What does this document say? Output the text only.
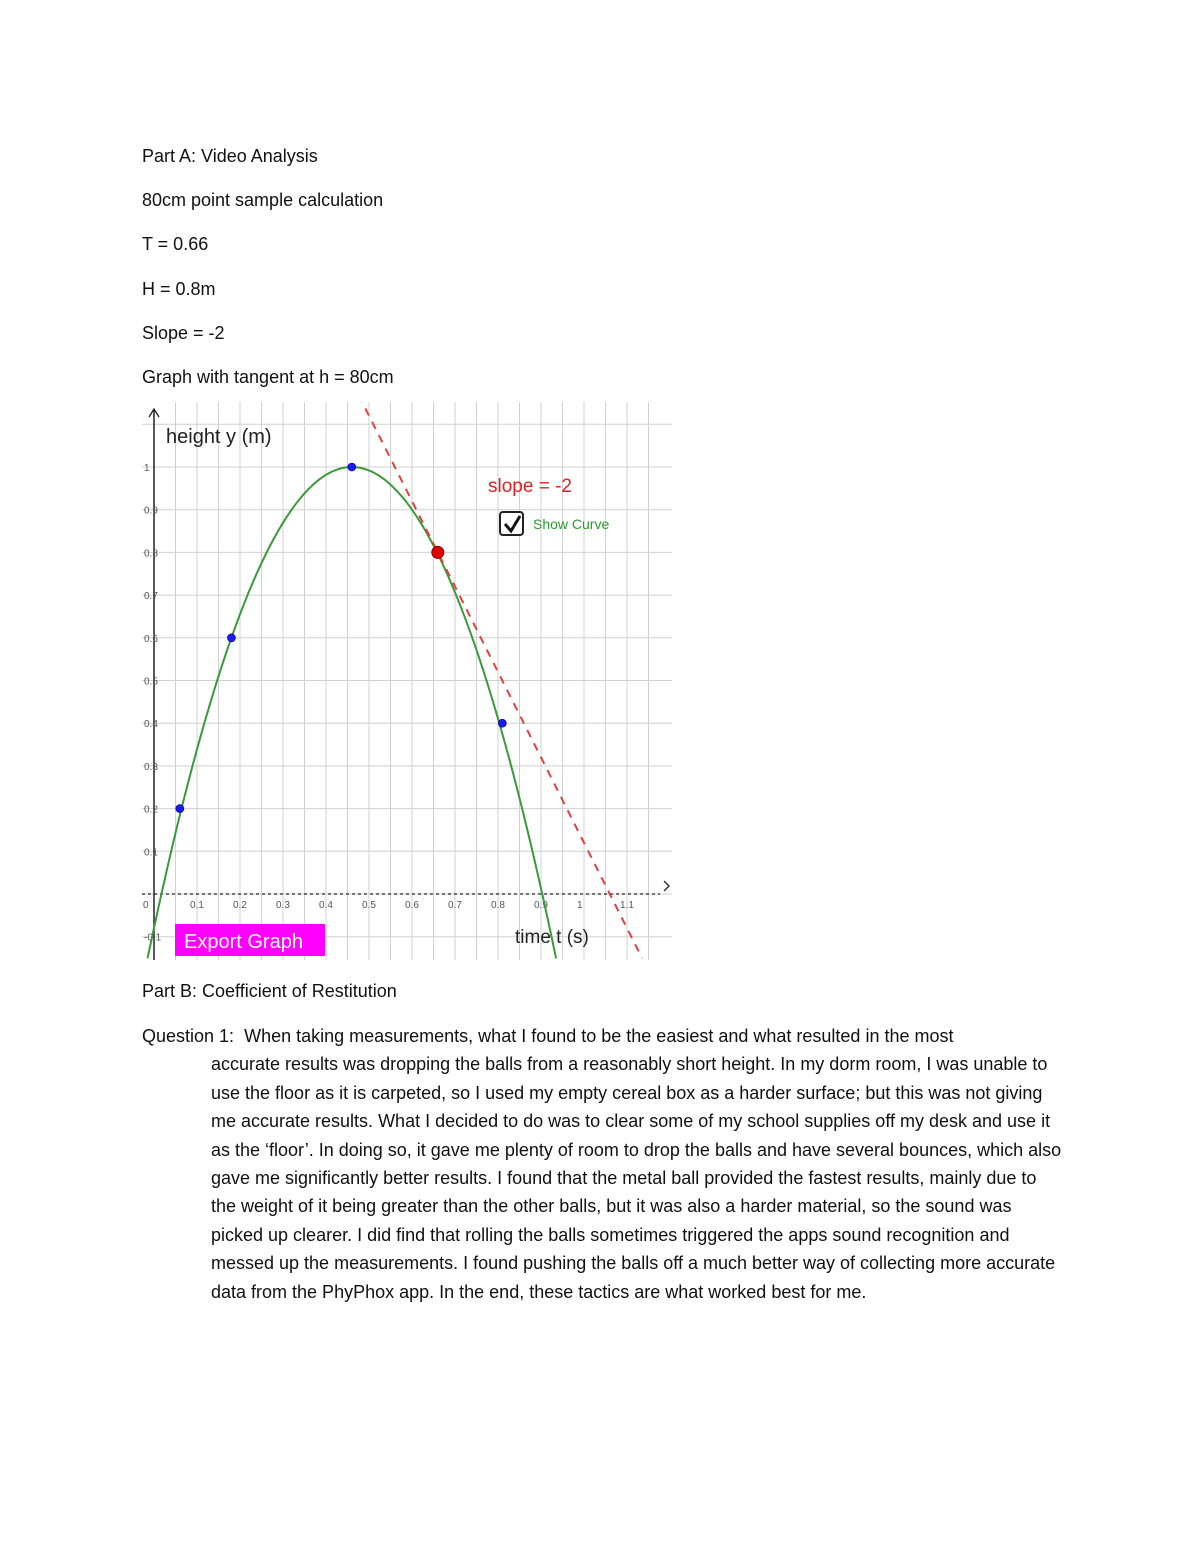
Part A: Video Analysis
80cm point sample calculation
T = 0.66
H = 0.8m
Slope = -2
Graph with tangent at h = 80cm
-0.1
0.1
0.2
0.3
0.4
0.5
0.6
0.7
0.8
0.9
1
0	0.1	0.2	0.3	0.4	0.5	0.6	0.7	0.8	0.9	1	1.1
height y (m)
slope = -2
Show Curve
Export Graph	time t (s)
Part B: Coefficient of Restitution
Question 1: When taking measurements, what I found to be the easiest and what resulted in the most
accurate results was dropping the balls from a reasonably short height. In my dorm room, I was unable to use the floor as it is carpeted, so I used my empty cereal box as a harder surface; but this was not giving me accurate results. What I decided to do was to clear some of my school supplies off my desk and use it as the ‘floor’. In doing so, it gave me plenty of room to drop the balls and have several bounces, which also gave me significantly better results. I found that the metal ball provided the fastest results, mainly due to the weight of it being greater than the other balls, but it was also a harder material, so the sound was picked up clearer. I did find that rolling the balls sometimes triggered the apps sound recognition and messed up the measurements. I found pushing the balls off a much better way of collecting more accurate data from the PhyPhox app. In the end, these tactics are what worked best for me.
